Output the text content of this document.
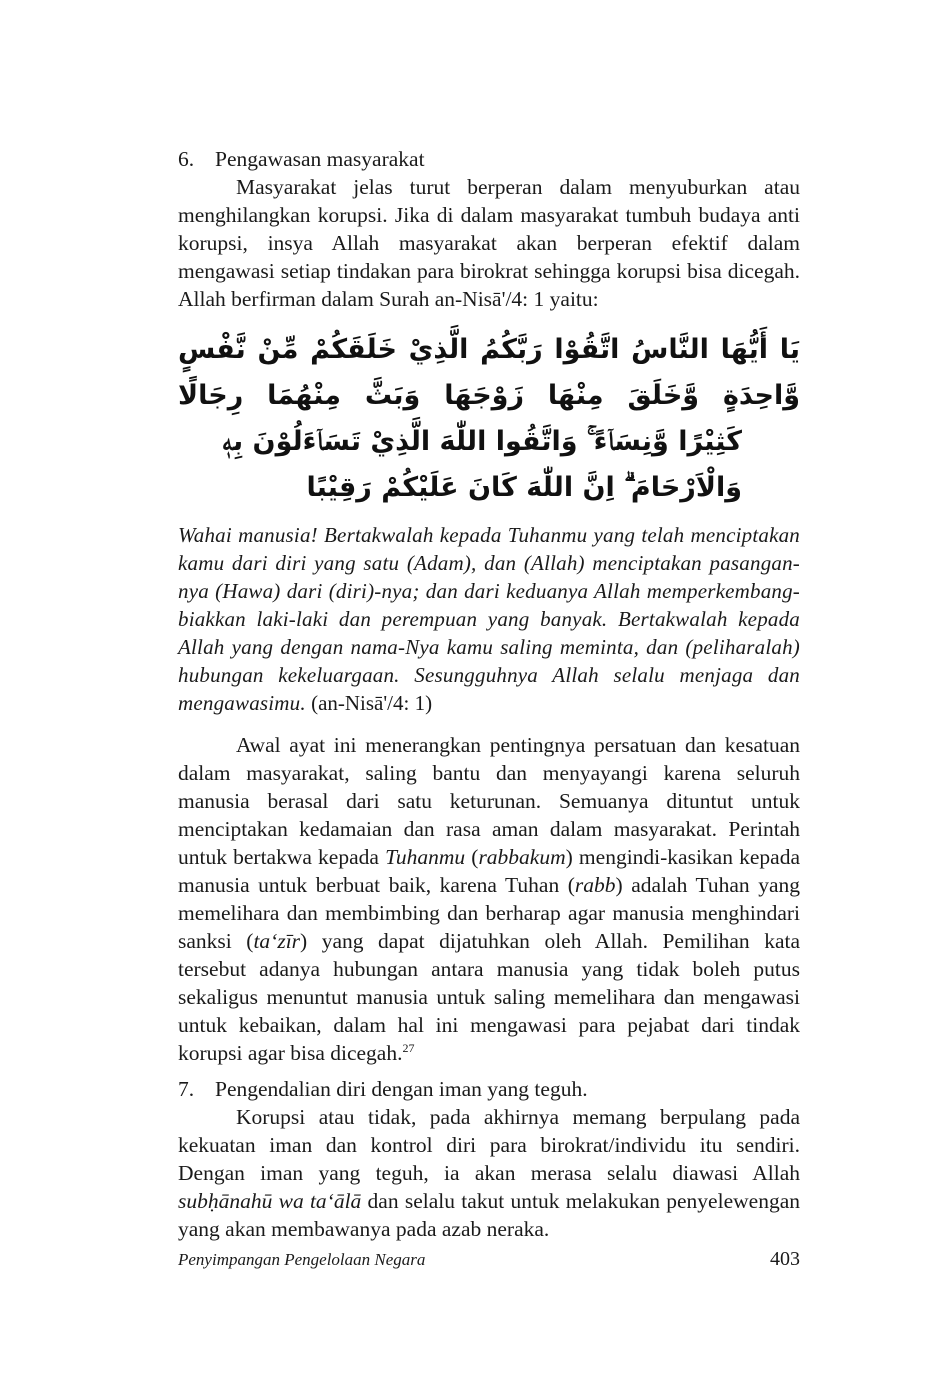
6. Pengawasan masyarakat

Masyarakat jelas turut berperan dalam menyuburkan atau menghilangkan korupsi. Jika di dalam masyarakat tumbuh budaya anti korupsi, insya Allah masyarakat akan berperan efektif dalam mengawasi setiap tindakan para birokrat sehingga korupsi bisa dicegah. Allah berfirman dalam Surah an-Nisā'/4: 1 yaitu:

يَا أَيُّهَا النَّاسُ اتَّقُوْا رَبَّكُمُ الَّذِيْ خَلَقَكُمْ مِّنْ نَّفْسٍ وَّاحِدَةٍ وَّخَلَقَ مِنْهَا زَوْجَهَا وَبَثَّ مِنْهُمَا رِجَالًا
كَثِيْرًا وَّنِسَاۤءً ۚ وَاتَّقُوا اللّٰهَ الَّذِيْ تَسَاۤءَلُوْنَ بِهٖ وَالْاَرْحَامَ ۗ اِنَّ اللّٰهَ كَانَ عَلَيْكُمْ رَقِيْبًا

Wahai manusia! Bertakwalah kepada Tuhanmu yang telah menciptakan kamu dari diri yang satu (Adam), dan (Allah) menciptakan pasangan-nya (Hawa) dari (diri)-nya; dan dari keduanya Allah memperkembang-biakkan laki-laki dan perempuan yang banyak. Bertakwalah kepada Allah yang dengan nama-Nya kamu saling meminta, dan (peliharalah) hubungan kekeluargaan. Sesungguhnya Allah selalu menjaga dan mengawasimu. (an-Nisā'/4: 1)

Awal ayat ini menerangkan pentingnya persatuan dan kesatuan dalam masyarakat, saling bantu dan menyayangi karena seluruh manusia berasal dari satu keturunan. Semuanya dituntut untuk menciptakan kedamaian dan rasa aman dalam masyarakat. Perintah untuk bertakwa kepada Tuhanmu (rabbakum) mengindi-kasikan kepada manusia untuk berbuat baik, karena Tuhan (rabb) adalah Tuhan yang memelihara dan membimbing dan berharap agar manusia menghindari sanksi (ta‘zīr) yang dapat dijatuhkan oleh Allah. Pemilihan kata tersebut adanya hubungan antara manusia yang tidak boleh putus sekaligus menuntut manusia untuk saling memelihara dan mengawasi untuk kebaikan, dalam hal ini mengawasi para pejabat dari tindak korupsi agar bisa dicegah.$^{27}$

7. Pengendalian diri dengan iman yang teguh.

Korupsi atau tidak, pada akhirnya memang berpulang pada kekuatan iman dan kontrol diri para birokrat/individu itu sendiri. Dengan iman yang teguh, ia akan merasa selalu diawasi Allah subḥānahū wa ta‘ālā dan selalu takut untuk melakukan penyelewengan yang akan membawanya pada azab neraka.

Penyimpangan Pengelolaan Negara	403
